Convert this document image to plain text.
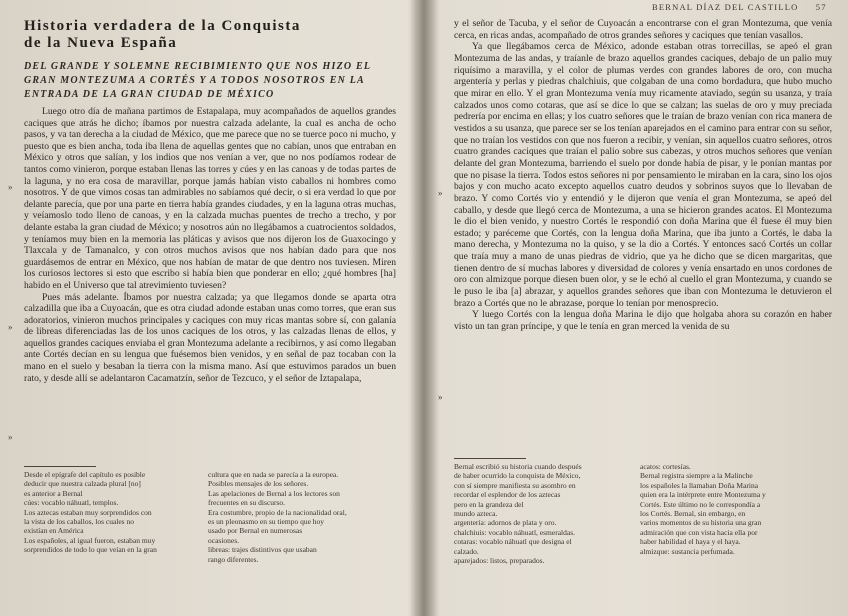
Historia verdadera de la Conquista
de la Nueva España
DEL GRANDE Y SOLEMNE RECIBIMIENTO QUE NOS HIZO EL
GRAN MONTEZUMA A CORTÉS Y A TODOS NOSOTROS EN LA
ENTRADA DE LA GRAN CIUDAD DE MÉXICO

Luego otro día de mañana partimos de Estapalapa, muy acompañados de aquellos grandes caciques que atrás he dicho; íbamos por nuestra calzada adelante, la cual es ancha de ocho pasos, y va tan derecha a la ciudad de México, que me parece que no se tuerce poco ni mucho, y puesto que es bien ancha, toda iba llena de aquellas gentes que no cabían, unos que entraban en México y otros que salían, y los indios que nos venían a ver, que no nos podíamos rodear de tantos como vinieron, porque estaban llenas las torres y cúes y en las canoas y de todas partes de la laguna, y no era cosa de maravillar, porque jamás habían visto caballos ni hombres como nosotros. Y de que vimos cosas tan admirables no sabíamos qué decir, o si era verdad lo que por delante parecía, que por una parte en tierra había grandes ciudades, y en la laguna otras muchas, y veíamoslo todo lleno de canoas, y en la calzada muchas puentes de trecho a trecho, y por delante estaba la gran ciudad de México; y nosotros aún no llegábamos a cuatrocientos soldados, y teníamos muy bien en la memoria las pláticas y avisos que nos dijeron los de Guaxocingo y Tlaxcala y de Tamanalco, y con otros muchos avisos que nos habían dado para que nos guardásemos de entrar en México, que nos habían de matar de que dentro nos tuviesen. Miren los curiosos lectores si esto que escribo si había bien que ponderar en ello; ¿qué hombres [ha] habido en el Universo que tal atrevimiento tuviesen?

Pues más adelante. Íbamos por nuestra calzada; ya que llegamos donde se aparta otra calzadilla que iba a Cuyoacán, que es otra ciudad adonde estaban unas como torres, que eran sus adoratorios, vinieron muchos principales y caciques con muy ricas mantas sobre sí, con galanía de libreas diferenciadas las de los unos caciques de los otros, y las calzadas llenas de ellos, y aquellos grandes caciques enviaba el gran Montezuma adelante a recibirnos, y así como llegaban ante Cortés decían en su lengua que fuésemos bien venidos, y en señal de paz tocaban con la mano en el suelo y besaban la tierra con la misma mano. Así que estuvimos parados un buen rato, y desde allí se adelantaron Cacamatzín, señor de Tezcuco, y el señor de Iztapalapa,

»
»
»
Desde el epígrafe del capítulo es posible
deducir que nuestra calzada plural [no]
es anterior a Bernal
cúes: vocablo náhuatl, templos.
Los aztecas estaban muy sorprendidos con
la vista de los caballos, los cuales no
existían en América
Los españoles, al igual fueron, estaban muy
sorprendidos de todo lo que veían en la gran
cultura que en nada se parecía a la europea.
Posibles mensajes de los señores.
Las apelaciones de Bernal a los lectores son
frecuentes en su discurso.
Era costumbre, propio de la nacionalidad oral,
es un pleonasmo en su tiempo que hoy
usado por Bernal en numerosas
ocasiones.
libreas: trajes distintivos que usaban
rango diferentes.
BERNAL DÍAZ DEL CASTILLO 57

y el señor de Tacuba, y el señor de Cuyoacán a encontrarse con el gran Montezuma, que venía cerca, en ricas andas, acompañado de otros grandes señores y caciques que tenían vasallos.

Ya que llegábamos cerca de México, adonde estaban otras torrecillas, se apeó el gran Montezuma de las andas, y traíanle de brazo aquellos grandes caciques, debajo de un palio muy riquísimo a maravilla, y el color de plumas verdes con grandes labores de oro, con mucha argentería y perlas y piedras chalchiuis, que colgaban de una como bordadura, que hubo mucho que mirar en ello. Y el gran Montezuma venía muy ricamente ataviado, según su usanza, y traía calzados unos como cotaras, que así se dice lo que se calzan; las suelas de oro y muy preciada pedrería por encima en ellas; y los cuatro señores que le traían de brazo venían con rica manera de vestidos a su usanza, que parece ser se los tenían aparejados en el camino para entrar con su señor, que no traían los vestidos con que nos fueron a recibir, y venían, sin aquellos cuatro señores, otros cuatro grandes caciques que traían el palio sobre sus cabezas, y otros muchos señores que venían delante del gran Montezuma, barriendo el suelo por donde había de pisar, y le ponían mantas por que no pisase la tierra. Todos estos señores ni por pensamiento le miraban en la cara, sino los ojos bajos y con mucho acato excepto aquellos cuatro deudos y sobrinos suyos que lo llevaban de brazo. Y como Cortés vio y entendió y le dijeron que venía el gran Montezuma, se apeó del caballo, y desde que llegó cerca de Montezuma, a una se hicieron grandes acatos. El Montezuma le dio el bien venido, y nuestro Cortés le respondió con doña Marina que él fuese él muy bien estado; y paréceme que Cortés, con la lengua doña Marina, que iba junto a Cortés, le daba la mano derecha, y Montezuma no la quiso, y se la dio a Cortés. Y entonces sacó Cortés un collar que traía muy a mano de unas piedras de vidrio, que ya he dicho que se dicen margaritas, que tienen dentro de sí muchas labores y diversidad de colores y venía ensartado en unos cordones de oro con almizque porque diesen buen olor, y se le echó al cuello el gran Montezuma, y cuando se le puso le iba [a] abrazar, y aquellos grandes señores que iban con Montezuma le detuvieron el brazo a Cortés que no le abrazase, porque lo tenían por menosprecio.

Y luego Cortés con la lengua doña Marina le dijo que holgaba ahora su corazón en haber visto un tan gran príncipe, y que le tenía en gran merced la venida de su

»
»
Bernal escribió su historia cuando después
de haber ocurrido la conquista de México,
con sí siempre manifiesta su asombro en
recordar el esplendor de los aztecas
pero en la grandeza del
mundo azteca.
argentería: adornos de plata y oro.
chalchiuis: vocablo náhuatl, esmeraldas.
cotaras: vocablo náhuatl que designa el
calzado.
aparejados: listos, preparados.
acatos: cortesías.
Bernal registra siempre a la Malinche
los españoles la llamaban Doña Marina
quien era la intérprete entre Montezuma y
Cortés. Este último no le correspondía a
los Cortés. Bernal, sin embargo, en
varios momentos de su historia una gran
admiración que con vista hacia ella por
haber habilidad el haya y el haya.
almizque: sustancia perfumada.
